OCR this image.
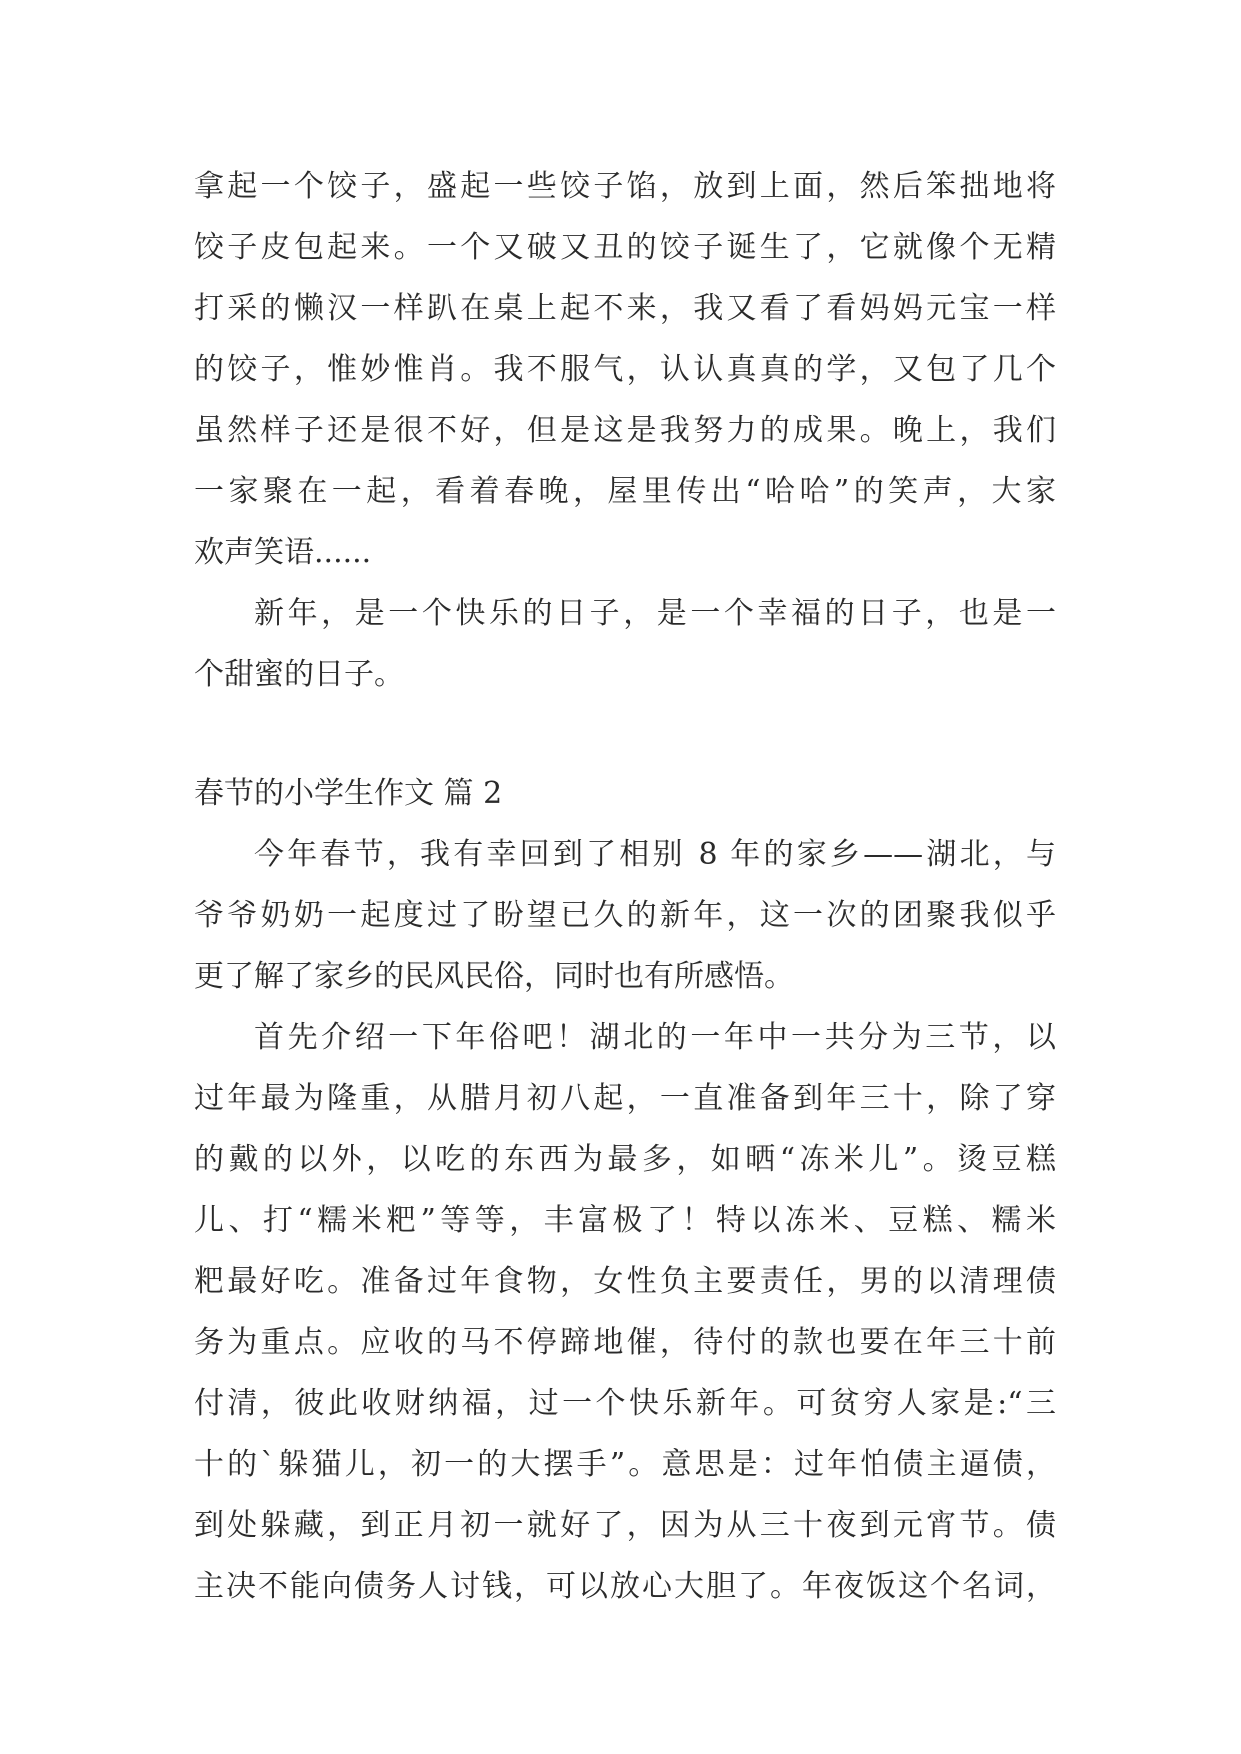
拿起一个饺子，盛起一些饺子馅，放到上面，然后笨拙地将
饺子皮包起来。一个又破又丑的饺子诞生了，它就像个无精
打采的懒汉一样趴在桌上起不来，我又看了看妈妈元宝一样
的饺子，惟妙惟肖。我不服气，认认真真的学，又包了几个
虽然样子还是很不好，但是这是我努力的成果。晚上，我们
一家聚在一起，看着春晚，屋里传出“哈哈”的笑声，大家
欢声笑语......
新年，是一个快乐的日子，是一个幸福的日子，也是一
个甜蜜的日子。
春节的小学生作文 篇 2
今年春节，我有幸回到了相别 8 年的家乡——湖北，与
爷爷奶奶一起度过了盼望已久的新年，这一次的团聚我似乎
更了解了家乡的民风民俗，同时也有所感悟。
首先介绍一下年俗吧！湖北的一年中一共分为三节，以
过年最为隆重，从腊月初八起，一直准备到年三十，除了穿
的戴的以外，以吃的东西为最多，如晒“冻米儿”。烫豆糕
儿、打“糯米粑”等等，丰富极了！特以冻米、豆糕、糯米
粑最好吃。准备过年食物，女性负主要责任，男的以清理债
务为重点。应收的马不停蹄地催，待付的款也要在年三十前
付清，彼此收财纳福，过一个快乐新年。可贫穷人家是:“三
十的`躲猫儿，初一的大摆手”。意思是：过年怕债主逼债，
到处躲藏，到正月初一就好了，因为从三十夜到元宵节。债
主决不能向债务人讨钱，可以放心大胆了。年夜饭这个名词，
